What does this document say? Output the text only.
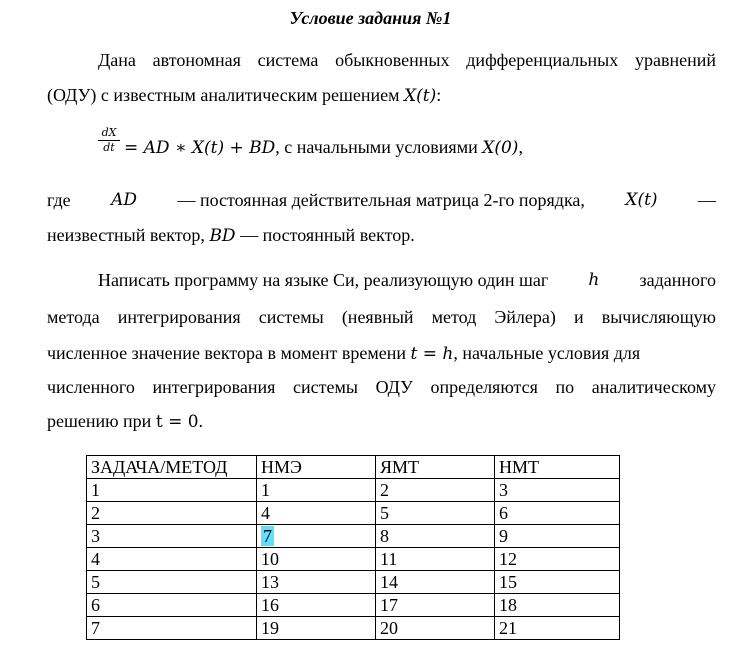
Условие задания №1
Дана автономная система обыкновенных дифференциальных уравнений
(ОДУ) с известным аналитическим решением X(t):
$\frac{dX}{dt}$ = AD ∗ X(t) + BD, с начальными условиями X(0),
где AD — постоянная действительная матрица 2-го порядка, X(t) —
неизвестный вектор, BD — постоянный вектор.
Написать программу на языке Си, реализующую один шаг h заданного
метода интегрирования системы (неявный метод Эйлера) и вычисляющую
численное значение вектора в момент времени t = h, начальные условия для
численного интегрирования системы ОДУ определяются по аналитическому
решению при t = 0.
ЗАДАЧА/МЕТОД	НМЭ	ЯМТ	НМТ
1	1	2	3
2	4	5	6
3	7	8	9
4	10	11	12
5	13	14	15
6	16	17	18
7	19	20	21
